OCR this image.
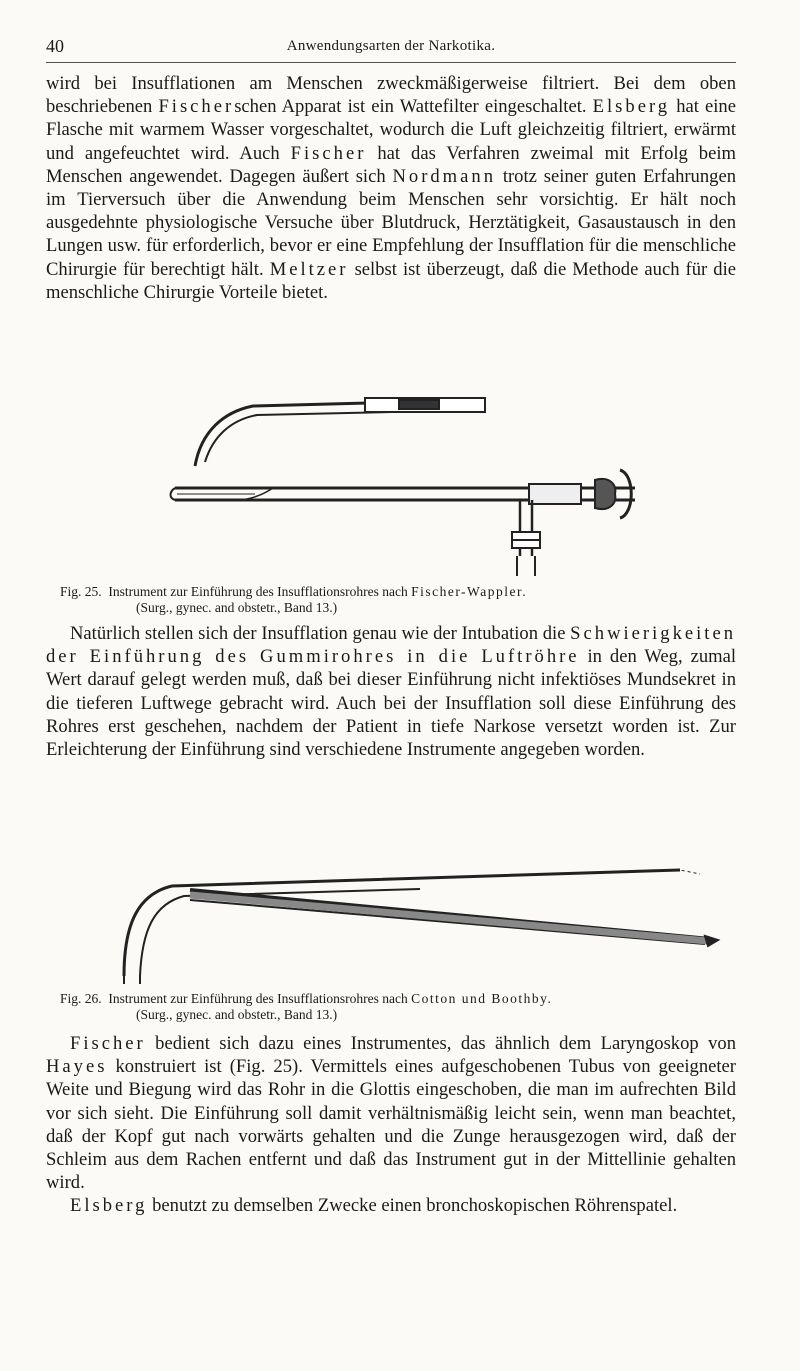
40	Anwendungsarten der Narkotika.

wird bei Insufflationen am Menschen zweckmäßigerweise filtriert. Bei dem oben beschriebenen Fischerschen Apparat ist ein Wattefilter eingeschaltet. Elsberg hat eine Flasche mit warmem Wasser vorgeschaltet, wodurch die Luft gleichzeitig filtriert, erwärmt und angefeuchtet wird. Auch Fischer hat das Verfahren zweimal mit Erfolg beim Menschen angewendet. Dagegen äußert sich Nordmann trotz seiner guten Erfahrungen im Tierversuch über die Anwendung beim Menschen sehr vorsichtig. Er hält noch ausgedehnte physiologische Versuche über Blutdruck, Herztätigkeit, Gasaustausch in den Lungen usw. für erforderlich, bevor er eine Empfehlung der Insufflation für die menschliche Chirurgie für berechtigt hält. Meltzer selbst ist überzeugt, daß die Methode auch für die menschliche Chirurgie Vorteile bietet.

Fig. 25. Instrument zur Einführung des Insufflationsrohres nach Fischer-Wappler.
(Surg., gynec. and obstetr., Band 13.)

Natürlich stellen sich der Insufflation genau wie der Intubation die Schwierigkeiten der Einführung des Gummirohres in die Luftröhre in den Weg, zumal Wert darauf gelegt werden muß, daß bei dieser Einführung nicht infektiöses Mundsekret in die tieferen Luftwege gebracht wird. Auch bei der Insufflation soll diese Einführung des Rohres erst geschehen, nachdem der Patient in tiefe Narkose versetzt worden ist. Zur Erleichterung der Einführung sind verschiedene Instrumente angegeben worden.

Fig. 26. Instrument zur Einführung des Insufflationsrohres nach Cotton und Boothby.
(Surg., gynec. and obstetr., Band 13.)

Fischer bedient sich dazu eines Instrumentes, das ähnlich dem Laryngoskop von Hayes konstruiert ist (Fig. 25). Vermittels eines aufgeschobenen Tubus von geeigneter Weite und Biegung wird das Rohr in die Glottis eingeschoben, die man im aufrechten Bild vor sich sieht. Die Einführung soll damit verhältnismäßig leicht sein, wenn man beachtet, daß der Kopf gut nach vorwärts gehalten und die Zunge herausgezogen wird, daß der Schleim aus dem Rachen entfernt und daß das Instrument gut in der Mittellinie gehalten wird.

Elsberg benutzt zu demselben Zwecke einen bronchoskopischen Röhrenspatel.
